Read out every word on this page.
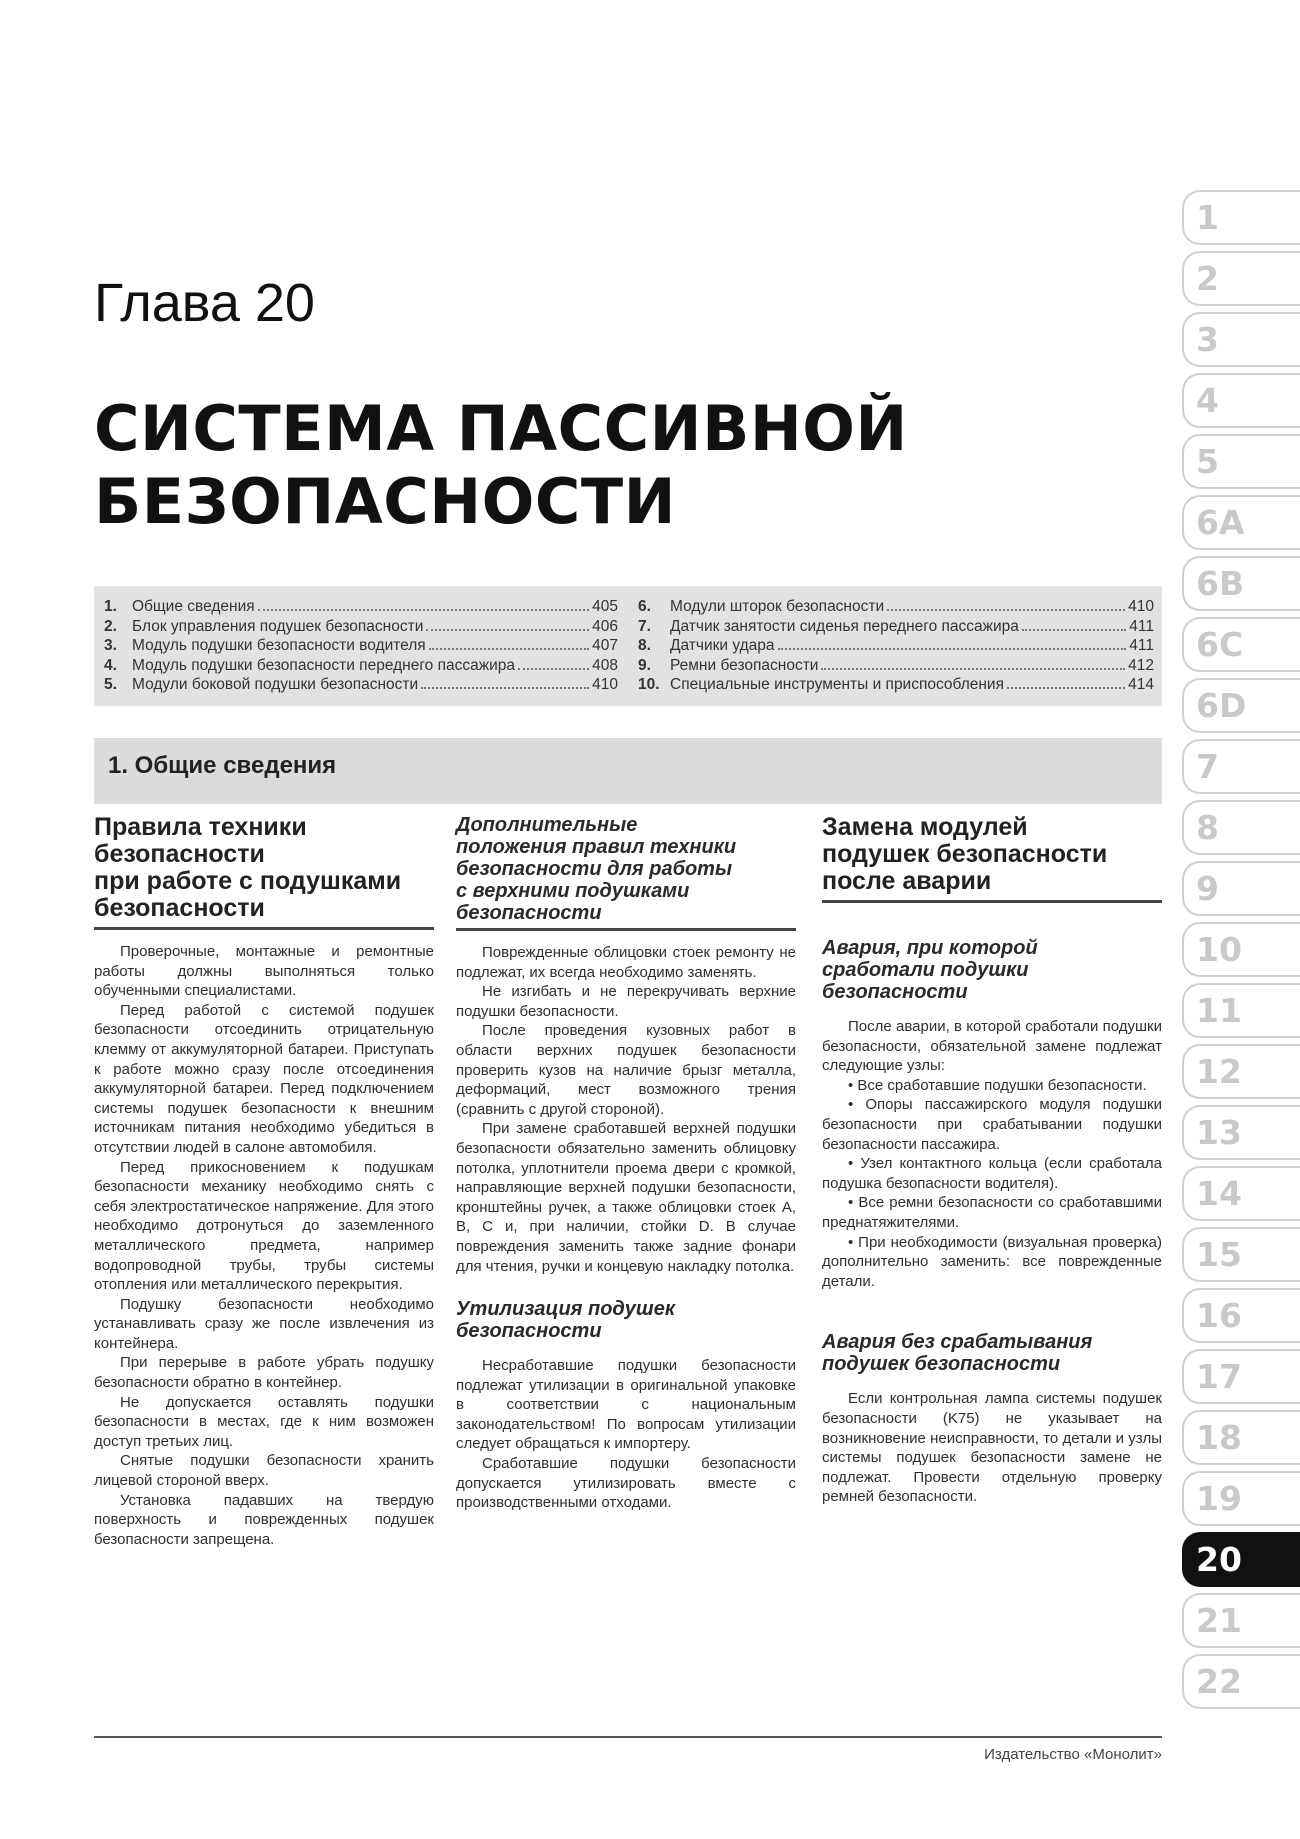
Глава 20
СИСТЕМА ПАССИВНОЙ
БЕЗОПАСНОСТИ
1. Общие сведения	405
2. Блок управления подушек безопасности	406
3. Модуль подушки безопасности водителя	407
4. Модуль подушки безопасности переднего пассажира	408
5. Модули боковой подушки безопасности	410
6.	Модули шторок безопасности	410
7.	Датчик занятости сиденья переднего пассажира	411
8.	Датчики удара	411
9.	Ремни безопасности	412
10. Специальные инструменты и приспособления	414
1. Общие сведения
Правила техники
безопасности
при работе с подушками
безопасности

Проверочные, монтажные и ремонтные работы должны выполняться только обученными специалистами.

Перед работой с системой подушек безопасности отсоединить отрицательную клемму от аккумуляторной батареи. Приступать к работе можно сразу после отсоединения аккумуляторной батареи. Перед подключением системы подушек безопасности к внешним источникам питания необходимо убедиться в отсутствии людей в салоне автомобиля.

Перед прикосновением к подушкам безопасности механику необходимо снять с себя электростатическое напряжение. Для этого необходимо дотронуться до заземленного металлического предмета, например водопроводной трубы, трубы системы отопления или металлического перекрытия.

Подушку безопасности необходимо устанавливать сразу же после извлечения из контейнера.

При перерыве в работе убрать подушку безопасности обратно в контейнер.

Не допускается оставлять подушки безопасности в местах, где к ним возможен доступ третьих лиц.

Снятые подушки безопасности хранить лицевой стороной вверх.

Установка падавших на твердую поверхность и поврежденных подушек безопасности запрещена.

Дополнительные
положения правил техники
безопасности для работы
с верхними подушками
безопасности

Поврежденные облицовки стоек ремонту не подлежат, их всегда необходимо заменять.

Не изгибать и не перекручивать верхние подушки безопасности.

После проведения кузовных работ в области верхних подушек безопасности проверить кузов на наличие брызг металла, деформаций, мест возможного трения (сравнить с другой стороной).

При замене сработавшей верхней подушки безопасности обязательно заменить облицовку потолка, уплотнители проема двери с кромкой, направляющие верхней подушки безопасности, кронштейны ручек, а также облицовки стоек А, B, C и, при наличии, стойки D. В случае повреждения заменить также задние фонари для чтения, ручки и концевую накладку потолка.

Утилизация подушек
безопасности

Несработавшие подушки безопасности подлежат утилизации в оригинальной упаковке в соответствии с национальным законодательством! По вопросам утилизации следует обращаться к импортеру.

Сработавшие подушки безопасности допускается утилизировать вместе с производственными отходами.

Замена модулей
подушек безопасности
после аварии
Авария, при которой
сработали подушки
безопасности

После аварии, в которой сработали подушки безопасности, обязательной замене подлежат следующие узлы:

• Все сработавшие подушки безопасности.

• Опоры пассажирского модуля подушки безопасности при срабатывании подушки безопасности пассажира.

• Узел контактного кольца (если сработала подушка безопасности водителя).

• Все ремни безопасности со сработавшими преднатяжителями.

• При необходимости (визуальная проверка) дополнительно заменить: все поврежденные детали.

Авария без срабатывания
подушек безопасности

Если контрольная лампа системы подушек безопасности (K75) не указывает на возникновение неисправности, то детали и узлы системы подушек безопасности замене не подлежат. Провести отдельную проверку ремней безопасности.

1
2
3
4
5
6A
6B
6C
6D
7
8
9
10
11
12
13
14
15
16
17
18
19
20
21
22
Издательство «Монолит»
